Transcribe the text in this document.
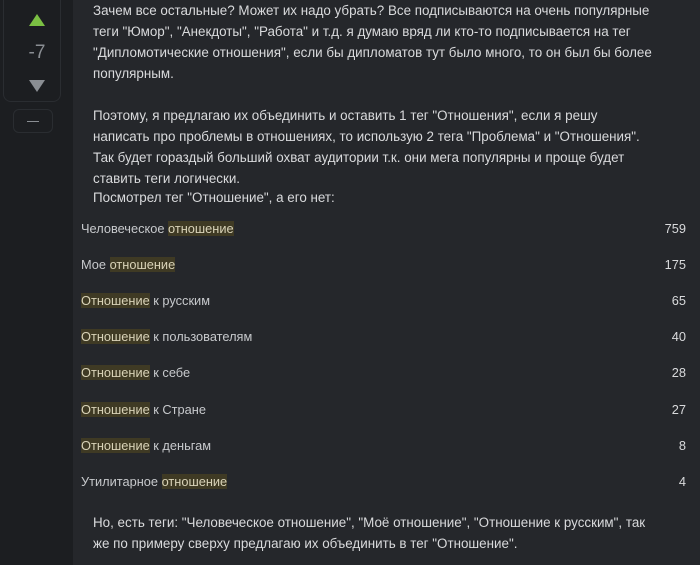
-7

Зачем все остальные? Может их надо убрать? Все подписываются на очень популярные теги "Юмор", "Анекдоты", "Работа" и т.д. я думаю вряд ли кто-то подписывается на тег "Дипломотические отношения", если бы дипломатов тут было много, то он был бы более популярным.

Поэтому, я предлагаю их объединить и оставить 1 тег "Отношения", если я решу написать про проблемы в отношениях, то использую 2 тега "Проблема" и "Отношения". Так будет гораздый больший охват аудитории т.к. они мега популярны и проще будет ставить теги логически.

Посмотрел тег "Отношение", а его нет:

Человеческое отношение	759
Мое отношение	175
Отношение к русским	65
Отношение к пользователям	40
Отношение к себе	28
Отношение к Стране	27
Отношение к деньгам	8
Утилитарное отношение	4

Но, есть теги: "Человеческое отношение", "Моё отношение", "Отношение к русским", так же по примеру сверху предлагаю их объединить в тег "Отношение".
